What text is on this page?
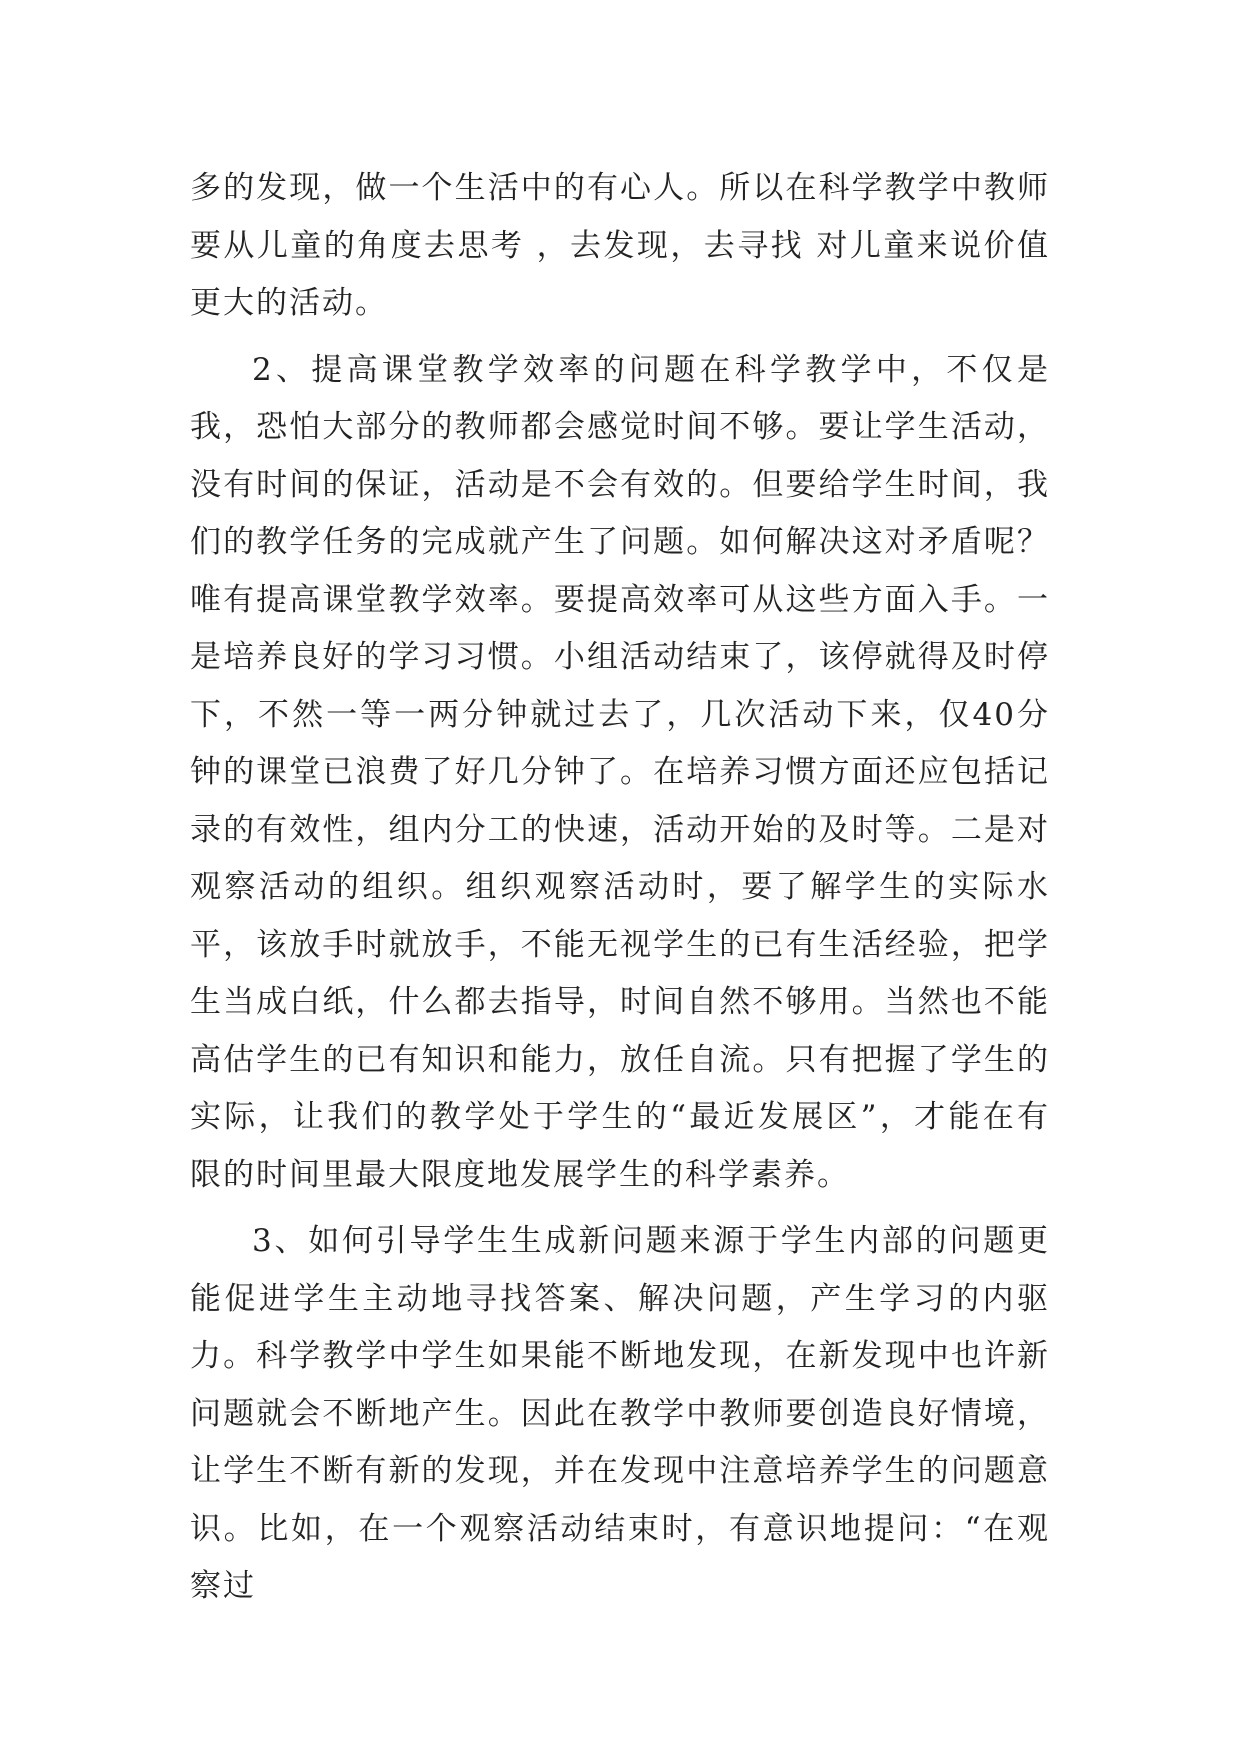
多的发现，做一个生活中的有心人。所以在科学教学中教师要从儿童的角度去思考 ，去发现，去寻找 对儿童来说价值更大的活动。

2、提高课堂教学效率的问题在科学教学中，不仅是我，恐怕大部分的教师都会感觉时间不够。要让学生活动，没有时间的保证，活动是不会有效的。但要给学生时间，我们的教学任务的完成就产生了问题。如何解决这对矛盾呢？唯有提高课堂教学效率。要提高效率可从这些方面入手。一是培养良好的学习习惯。小组活动结束了，该停就得及时停下，不然一等一两分钟就过去了，几次活动下来，仅40分钟的课堂已浪费了好几分钟了。在培养习惯方面还应包括记录的有效性，组内分工的快速，活动开始的及时等。二是对观察活动的组织。组织观察活动时，要了解学生的实际水平，该放手时就放手，不能无视学生的已有生活经验，把学生当成白纸，什么都去指导，时间自然不够用。当然也不能高估学生的已有知识和能力，放任自流。只有把握了学生的实际，让我们的教学处于学生的“最近发展区”，才能在有限的时间里最大限度地发展学生的科学素养。

3、如何引导学生生成新问题来源于学生内部的问题更能促进学生主动地寻找答案、解决问题，产生学习的内驱力。科学教学中学生如果能不断地发现，在新发现中也许新问题就会不断地产生。因此在教学中教师要创造良好情境，让学生不断有新的发现，并在发现中注意培养学生的问题意识。比如，在一个观察活动结束时，有意识地提问：“在观察过
